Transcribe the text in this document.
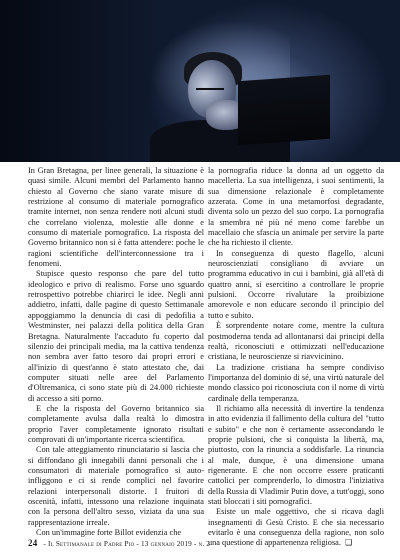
In Gran Bretagna, per linee generali, la situazione è quasi simile. Alcuni membri del Parlamento hanno chiesto al Governo che siano varate misure di restrizione al consumo di materiale pornografico tramite internet, non senza rendere noti alcuni studi che correlano violenza, molestie alle donne e consumo di materiale pornografico. La risposta del Governo britannico non si è fatta attendere: poche le ragioni scientifiche dell'interconnessione tra i fenomeni.

Stupisce questo responso che pare del tutto ideologico e privo di realismo. Forse uno sguardo retrospettivo potrebbe chiarirci le idee. Negli anni addietro, infatti, dalle pagine di questo Settimanale appoggiammo la denuncia di casi di pedofilia a Westminster, nei palazzi della politica della Gran Bretagna. Naturalmente l'accaduto fu coperto dal silenzio dei principali media, ma la cattiva tendenza non sembra aver fatto tesoro dai propri errori e all'inizio di quest'anno è stato attestato che, dai computer situati nelle aree del Parlamento d'Oltremanica, ci sono state più di 24.000 richieste di accesso a siti porno.

E che la risposta del Governo britannico sia completamente avulsa dalla realtà lo dimostra proprio l'aver completamente ignorato risultati comprovati di un'importante ricerca scientifica.

Con tale atteggiamento rinunciatario si lascia che si diffondano gli innegabili danni personali che i consumatori di materiale pornografico si auto-infliggono e ci si rende complici nel favorire relazioni interpersonali distorte. I fruitori di oscenità, infatti, intessono una relazione inquinata con la persona dell'altro sesso, viziata da una sua rappresentazione irreale.

Con un'immagine forte Billot evidenzia che

la pornografia riduce la donna ad un oggetto da macelleria. La sua intelligenza, i suoi sentimenti, la sua dimensione relazionale è completamente azzerata. Come in una metamorfosi degradante, diventa solo un pezzo del suo corpo. La pornografia la smembra né più né meno come farebbe un macellaio che sfascia un animale per servire la parte che ha richiesto il cliente.

In conseguenza di questo flagello, alcuni neuroscienziati consigliano di avviare un programma educativo in cui i bambini, già all'età di quattro anni, si esercitino a controllare le proprie pulsioni. Occorre rivalutare la proibizione amorevole e non educare secondo il principio del tutto e subito.

È sorprendente notare come, mentre la cultura postmoderna tenda ad allontanarsi dai principi della realtà, riconosciuti e ottimizzati nell'educazione cristiana, le neuroscienze si riavvicinino.

La tradizione cristiana ha sempre condiviso l'importanza del dominio di sé, una virtù naturale del mondo classico poi riconosciuta con il nome di virtù cardinale della temperanza.

Il richiamo alla necessità di invertire la tendenza in atto evidenzia il fallimento della cultura del "tutto e subito" e che non è certamente assecondando le proprie pulsioni, che si conquista la libertà, ma, piuttosto, con la rinuncia a soddisfarle. La rinuncia al male, dunque, è una dimensione umana rigenerante. E che non occorre essere praticanti cattolici per comprenderlo, lo dimostra l'iniziativa della Russia di Vladimir Putin dove, a tutt'oggi, sono stati bloccati i siti pornografici.

Esiste un male oggettivo, che si ricava dagli insegnamenti di Gesù Cristo. E che sia necessario evitarlo è una conseguenza della ragione, non solo una questione di appartenenza religiosa. ❑

24 - Il Settimanale di Padre Pio - 13 gennaio 2019 - n. 2
